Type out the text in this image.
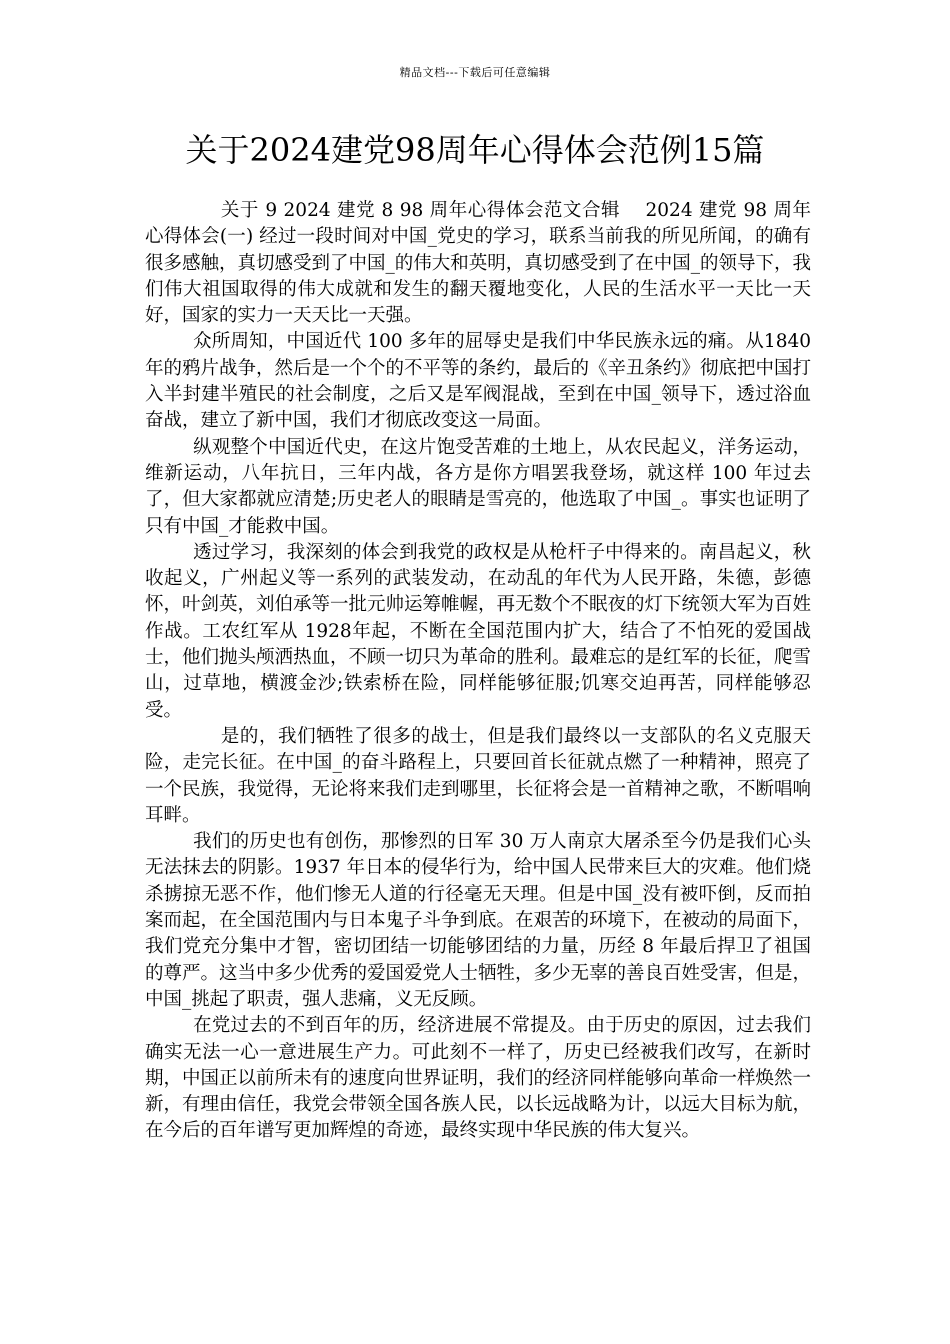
精品文档---下载后可任意编辑
关于2024建党98周年心得体会范例15篇

关于 9 2024 建党 8 98 周年心得体会范文合辑　 2024 建党 98 周年心得体会(一) 经过一段时间对中国_党史的学习，联系当前我的所见所闻，的确有很多感触，真切感受到了中国_的伟大和英明，真切感受到了在中国_的领导下，我们伟大祖国取得的伟大成就和发生的翻天覆地变化，人民的生活水平一天比一天好，国家的实力一天天比一天强。

众所周知，中国近代 100 多年的屈辱史是我们中华民族永远的痛。从1840 年的鸦片战争，然后是一个个的不平等的条约，最后的《辛丑条约》彻底把中国打入半封建半殖民的社会制度，之后又是军阀混战，至到在中国_领导下，透过浴血奋战，建立了新中国，我们才彻底改变这一局面。

纵观整个中国近代史，在这片饱受苦难的土地上，从农民起义，洋务运动，维新运动，八年抗日，三年内战，各方是你方唱罢我登场，就这样 100 年过去了，但大家都就应清楚;历史老人的眼睛是雪亮的，他选取了中国_。事实也证明了只有中国_才能救中国。

透过学习，我深刻的体会到我党的政权是从枪杆子中得来的。南昌起义，秋收起义，广州起义等一系列的武装发动，在动乱的年代为人民开路，朱德，彭德怀，叶剑英，刘伯承等一批元帅运筹帷幄，再无数个不眠夜的灯下统领大军为百姓作战。工农红军从 1928年起，不断在全国范围内扩大，结合了不怕死的爱国战士，他们抛头颅洒热血，不顾一切只为革命的胜利。最难忘的是红军的长征，爬雪山，过草地，横渡金沙;铁索桥在险，同样能够征服;饥寒交迫再苦，同样能够忍受。

是的，我们牺牲了很多的战士，但是我们最终以一支部队的名义克服天险，走完长征。在中国_的奋斗路程上，只要回首长征就点燃了一种精神，照亮了一个民族，我觉得，无论将来我们走到哪里，长征将会是一首精神之歌，不断唱响耳畔。

我们的历史也有创伤，那惨烈的日军 30 万人南京大屠杀至今仍是我们心头无法抹去的阴影。1937 年日本的侵华行为，给中国人民带来巨大的灾难。他们烧杀掳掠无恶不作，他们惨无人道的行径毫无天理。但是中国_没有被吓倒，反而拍案而起，在全国范围内与日本鬼子斗争到底。在艰苦的环境下，在被动的局面下，我们党充分集中才智，密切团结一切能够团结的力量，历经 8 年最后捍卫了祖国的尊严。这当中多少优秀的爱国爱党人士牺牲，多少无辜的善良百姓受害，但是，中国_挑起了职责，强人悲痛，义无反顾。

在党过去的不到百年的历，经济进展不常提及。由于历史的原因，过去我们确实无法一心一意进展生产力。可此刻不一样了，历史已经被我们改写，在新时期，中国正以前所未有的速度向世界证明，我们的经济同样能够向革命一样焕然一新，有理由信任，我党会带领全国各族人民，以长远战略为计，以远大目标为航，在今后的百年谱写更加辉煌的奇迹，最终实现中华民族的伟大复兴。
